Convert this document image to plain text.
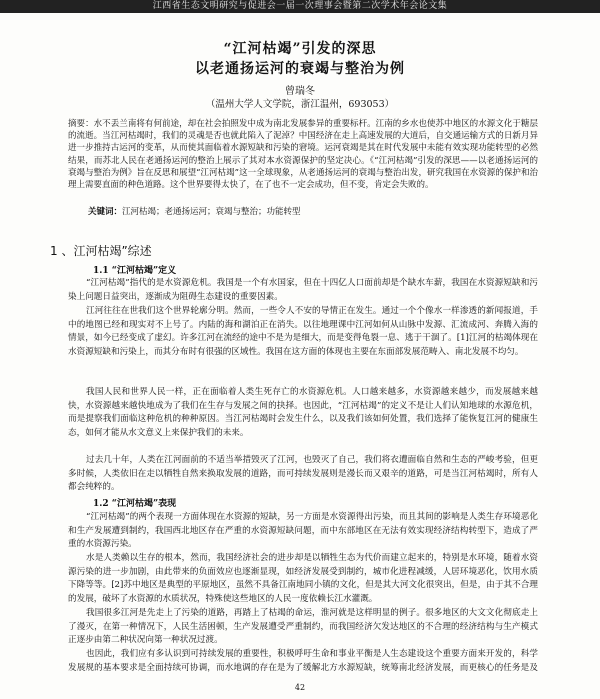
江西省生态文明研究与促进会一届一次理事会暨第二次学术年会论文集
“江河枯竭”引发的深思
以老通扬运河的衰竭与整治为例
曾瑞冬
（温州大学人文学院，浙江温州，693053）

摘要：水不丢兰南将有何前途，却在社会拍照发中成为南北发展参异的重要标杆。江南的乡水也使苏中地区的水源文化于糖层的流逝。当江河枯竭时，我们的灵魂是否也就此陷入了泥淖？中国经济在走上高速发展的大道后，自交通运输方式的日新月异进一步推持古运河的变革，从而使其面临着水源短缺和污染的窘境。运河衰竭是其在时代发展中未能有效实现功能转型的必然结果，而苏北人民在老通扬运河的整治上展示了其对本水资源保护的坚定决心。《“江河枯竭”引发的深思——以老通扬运河的衰竭与整治为例》旨在反思和展望“江河枯竭”这一全球现象，从老通扬运河的衰竭与整治出发，研究我国在水资源的保护和治理上需要直面的种色道路。这个世界要得太快了，在了也不一定会成功，但不变，肯定会失败的。

关键词：江河枯竭；老通扬运河；衰竭与整治；功能转型
1 、江河枯竭”综述
1.1 “江河枯竭”定义

“江河枯竭”指代的是水资源危机。我国是一个有水国家，但在十四亿人口面前却是个缺水车薪，我国在水资源短缺和污染上问题日益突出，逐渐成为阻碍生态建设的重要因素。

江河往往在世我们这个世界轮廓分明。然而，一些令人不安的导情正在发生。通过一个个像水一样渗透的新闻报道，手中的地图已经和现实对不上号了。内陆的海和湖泊正在消失。以往地理课中江河如何从山脉中发源、汇流成河、奔腾入海的情景，如今已经变成了虚幻。许多江河在流经的途中不是为是细大，而是变得龟裂一息、逃于干涸了。[1]江河的枯竭体现在水资源短缺和污染上，而其分布时有很强的区域性。我国在这方面的体现也主要在东面部发展范畴入、南北发展不均匀。

我国人民和世界人民一样，正在面临着人类生死存亡的水资源危机。人口越来越多，水资源越来越少，而发展越来越快，水资源越来越快地成为了我们在生存与发展之间的抉择。也因此，“江河枯竭”的定义不是让人们认知地球的水源危机，而是提察我们面临这种危机的种种原因。当江河枯竭时会发生什么，以及我们该如何处置，我们选择了能恢复江河的健康生态，如何才能从水文意义上来保护我们的未来。

过去几十年，人类在江河面前的不适当举措毁灭了江河，也毁灭了自己，我们将衣遭面临自然和生态的严峻考验，但更多时候，人类依旧在走以牺牲自然来换取发展的道路，而可持续发展则是漫长而又艰辛的道路，可是当江河枯竭时，所有人都会纯粹的。

1.2 “江河枯竭”表现

“江河枯竭”的两个表现一方面体现在水资源的短缺，另一方面是水资源得出污染，而且其间的影响是人类生存环境恶化和生产发展遭到制约，我国西北地区存在严重的水资源短缺问题，而中东部地区在无法有效实现经济结构转型下，造成了严重的水资源污染。

水是人类赖以生存的根本，然而，我国经济社会的进步却是以牺牲生态为代价而建立起来的，特别是水环境，随着水资源污染的进一步加剧，由此带来的负面效应也逐渐显现，如经济发展受到制约，城市化进程减缓，人居环境恶化，饮用水质下降等等。[2]苏中地区是典型的平原地区，虽然不具备江南地同小镇的文化，但是其大河文化很突出，但是，由于其不合理的发展，破坏了水资源的水质状况，特殊使这些地区的人民一度依赖长江水灌溉。

我国很多江河是先走上了污染的道路，再踏上了枯竭的命运，淮河就是这样明显的例子。很多地区的大文文化彻底走上了漫灭，在第一种情况下，人民生活困顿，生产发展遭受严重制约，而我国经济欠发达地区的不合理的经济结构与生产模式正逐步由第二种状况向第一种状况过渡。

也因此，我们应有多认识到可持续发展的重要性，积极呼吁生命和事业平衡是人生态建设这个重要方面来开发的，科学发展规的基本要求是全面持续可协调，而水地调的存在是为了缓解北方水源短缺，统筹南北经济发展，而更核心的任务是及

42
